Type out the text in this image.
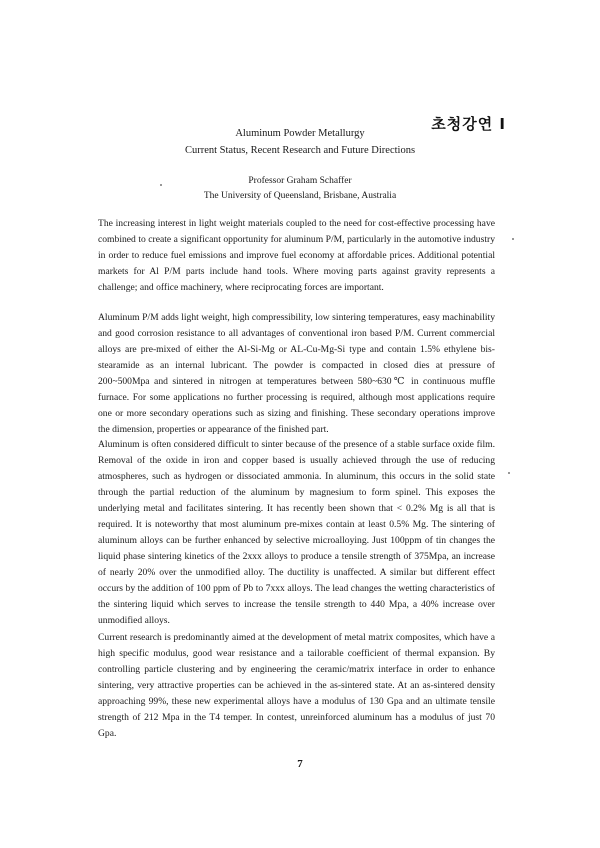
초청강연 I
Aluminum Powder Metallurgy
Current Status, Recent Research and Future Directions
Professor Graham Schaffer
The University of Queensland, Brisbane, Australia
The increasing interest in light weight materials coupled to the need for cost-effective processing have combined to create a significant opportunity for aluminum P/M, particularly in the automotive industry in order to reduce fuel emissions and improve fuel economy at affordable prices. Additional potential markets for Al P/M parts include hand tools. Where moving parts against gravity represents a challenge; and office machinery, where reciprocating forces are important.
Aluminum P/M adds light weight, high compressibility, low sintering temperatures, easy machinability and good corrosion resistance to all advantages of conventional iron based P/M. Current commercial alloys are pre-mixed of either the Al-Si-Mg or AL-Cu-Mg-Si type and contain 1.5% ethylene bis-stearamide as an internal lubricant. The powder is compacted in closed dies at pressure of 200~500Mpa and sintered in nitrogen at temperatures between 580~630℃ in continuous muffle furnace. For some applications no further processing is required, although most applications require one or more secondary operations such as sizing and finishing. These secondary operations improve the dimension, properties or appearance of the finished part.
Aluminum is often considered difficult to sinter because of the presence of a stable surface oxide film. Removal of the oxide in iron and copper based is usually achieved through the use of reducing atmospheres, such as hydrogen or dissociated ammonia. In aluminum, this occurs in the solid state through the partial reduction of the aluminum by magnesium to form spinel. This exposes the underlying metal and facilitates sintering. It has recently been shown that < 0.2% Mg is all that is required. It is noteworthy that most aluminum pre-mixes contain at least 0.5% Mg. The sintering of aluminum alloys can be further enhanced by selective microalloying. Just 100ppm of tin changes the liquid phase sintering kinetics of the 2xxx alloys to produce a tensile strength of 375Mpa, an increase of nearly 20% over the unmodified alloy. The ductility is unaffected. A similar but different effect occurs by the addition of 100 ppm of Pb to 7xxx alloys. The lead changes the wetting characteristics of the sintering liquid which serves to increase the tensile strength to 440 Mpa, a 40% increase over unmodified alloys.
Current research is predominantly aimed at the development of metal matrix composites, which have a high specific modulus, good wear resistance and a tailorable coefficient of thermal expansion. By controlling particle clustering and by engineering the ceramic/matrix interface in order to enhance sintering, very attractive properties can be achieved in the as-sintered state. At an as-sintered density approaching 99%, these new experimental alloys have a modulus of 130 Gpa and an ultimate tensile strength of 212 Mpa in the T4 temper. In contest, unreinforced aluminum has a modulus of just 70 Gpa.
7
